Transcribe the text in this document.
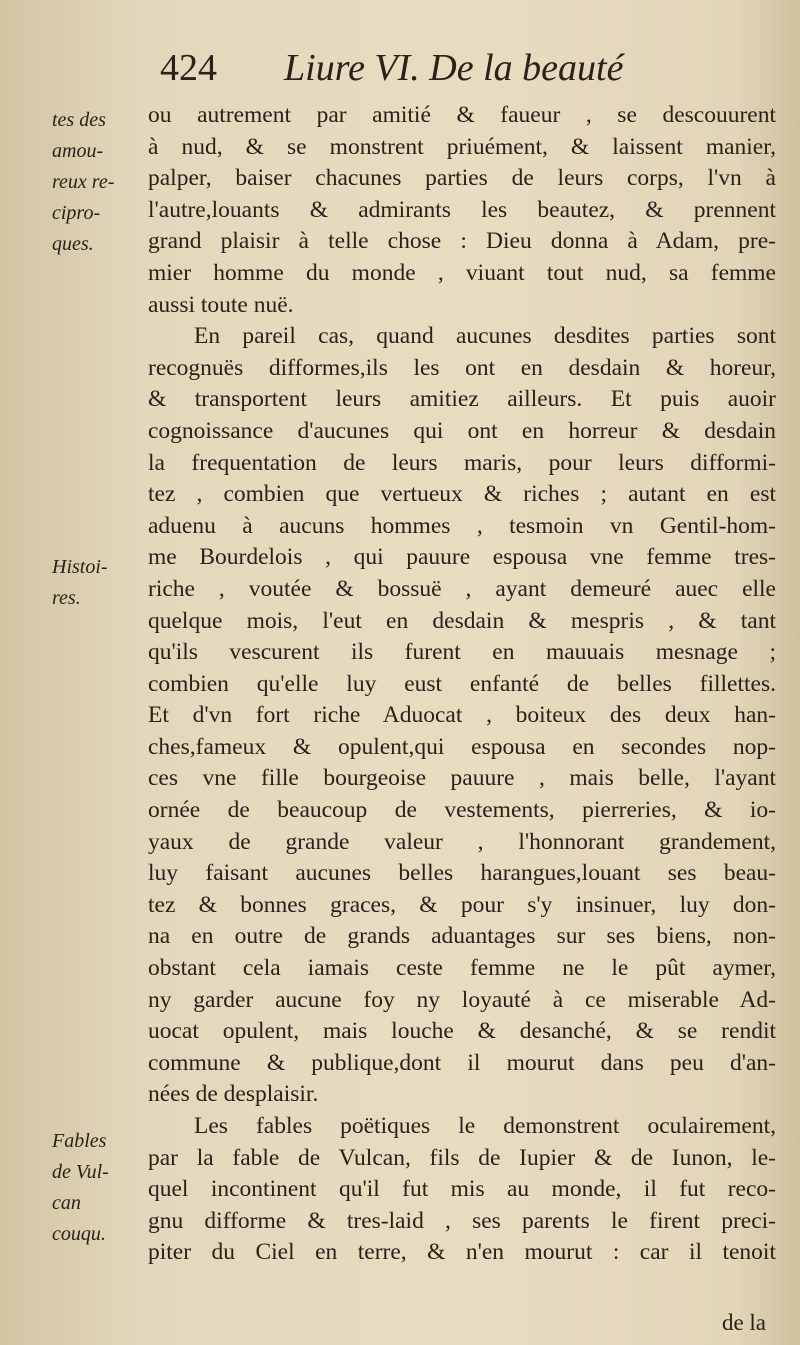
424 Liure VI. De la beauté
tes des
amou-
reux re-
cipro-
ques.
Histoi-
res.
Fables
de Vul-
can
couqu.
ou autrement par amitié & faueur , se descouurent
à nud, & se monstrent priuément, & laissent manier,
palper, baiser chacunes parties de leurs corps, l'vn à
l'autre,louants & admirants les beautez, & prennent
grand plaisir à telle chose : Dieu donna à Adam, pre-
mier homme du monde , viuant tout nud, sa femme
aussi toute nuë.
En pareil cas, quand aucunes desdites parties sont
recognuës difformes,ils les ont en desdain & horeur,
& transportent leurs amitiez ailleurs. Et puis auoir
cognoissance d'aucunes qui ont en horreur & desdain
la frequentation de leurs maris, pour leurs difformi-
tez , combien que vertueux & riches ; autant en est
aduenu à aucuns hommes , tesmoin vn Gentil-hom-
me Bourdelois , qui pauure espousa vne femme tres-
riche , voutée & bossuë , ayant demeuré auec elle
quelque mois, l'eut en desdain & mespris , & tant
qu'ils vescurent ils furent en mauuais mesnage ;
combien qu'elle luy eust enfanté de belles fillettes.
Et d'vn fort riche Aduocat , boiteux des deux han-
ches,fameux & opulent,qui espousa en secondes nop-
ces vne fille bourgeoise pauure , mais belle, l'ayant
ornée de beaucoup de vestements, pierreries, & io-
yaux de grande valeur , l'honnorant grandement,
luy faisant aucunes belles harangues,louant ses beau-
tez & bonnes graces, & pour s'y insinuer, luy don-
na en outre de grands aduantages sur ses biens, non-
obstant cela iamais ceste femme ne le pût aymer,
ny garder aucune foy ny loyauté à ce miserable Ad-
uocat opulent, mais louche & desanché, & se rendit
commune & publique,dont il mourut dans peu d'an-
nées de desplaisir.
Les fables poëtiques le demonstrent oculairement,
par la fable de Vulcan, fils de Iupier & de Iunon, le-
quel incontinent qu'il fut mis au monde, il fut reco-
gnu difforme & tres-laid , ses parents le firent preci-
piter du Ciel en terre, & n'en mourut : car il tenoit
de la
